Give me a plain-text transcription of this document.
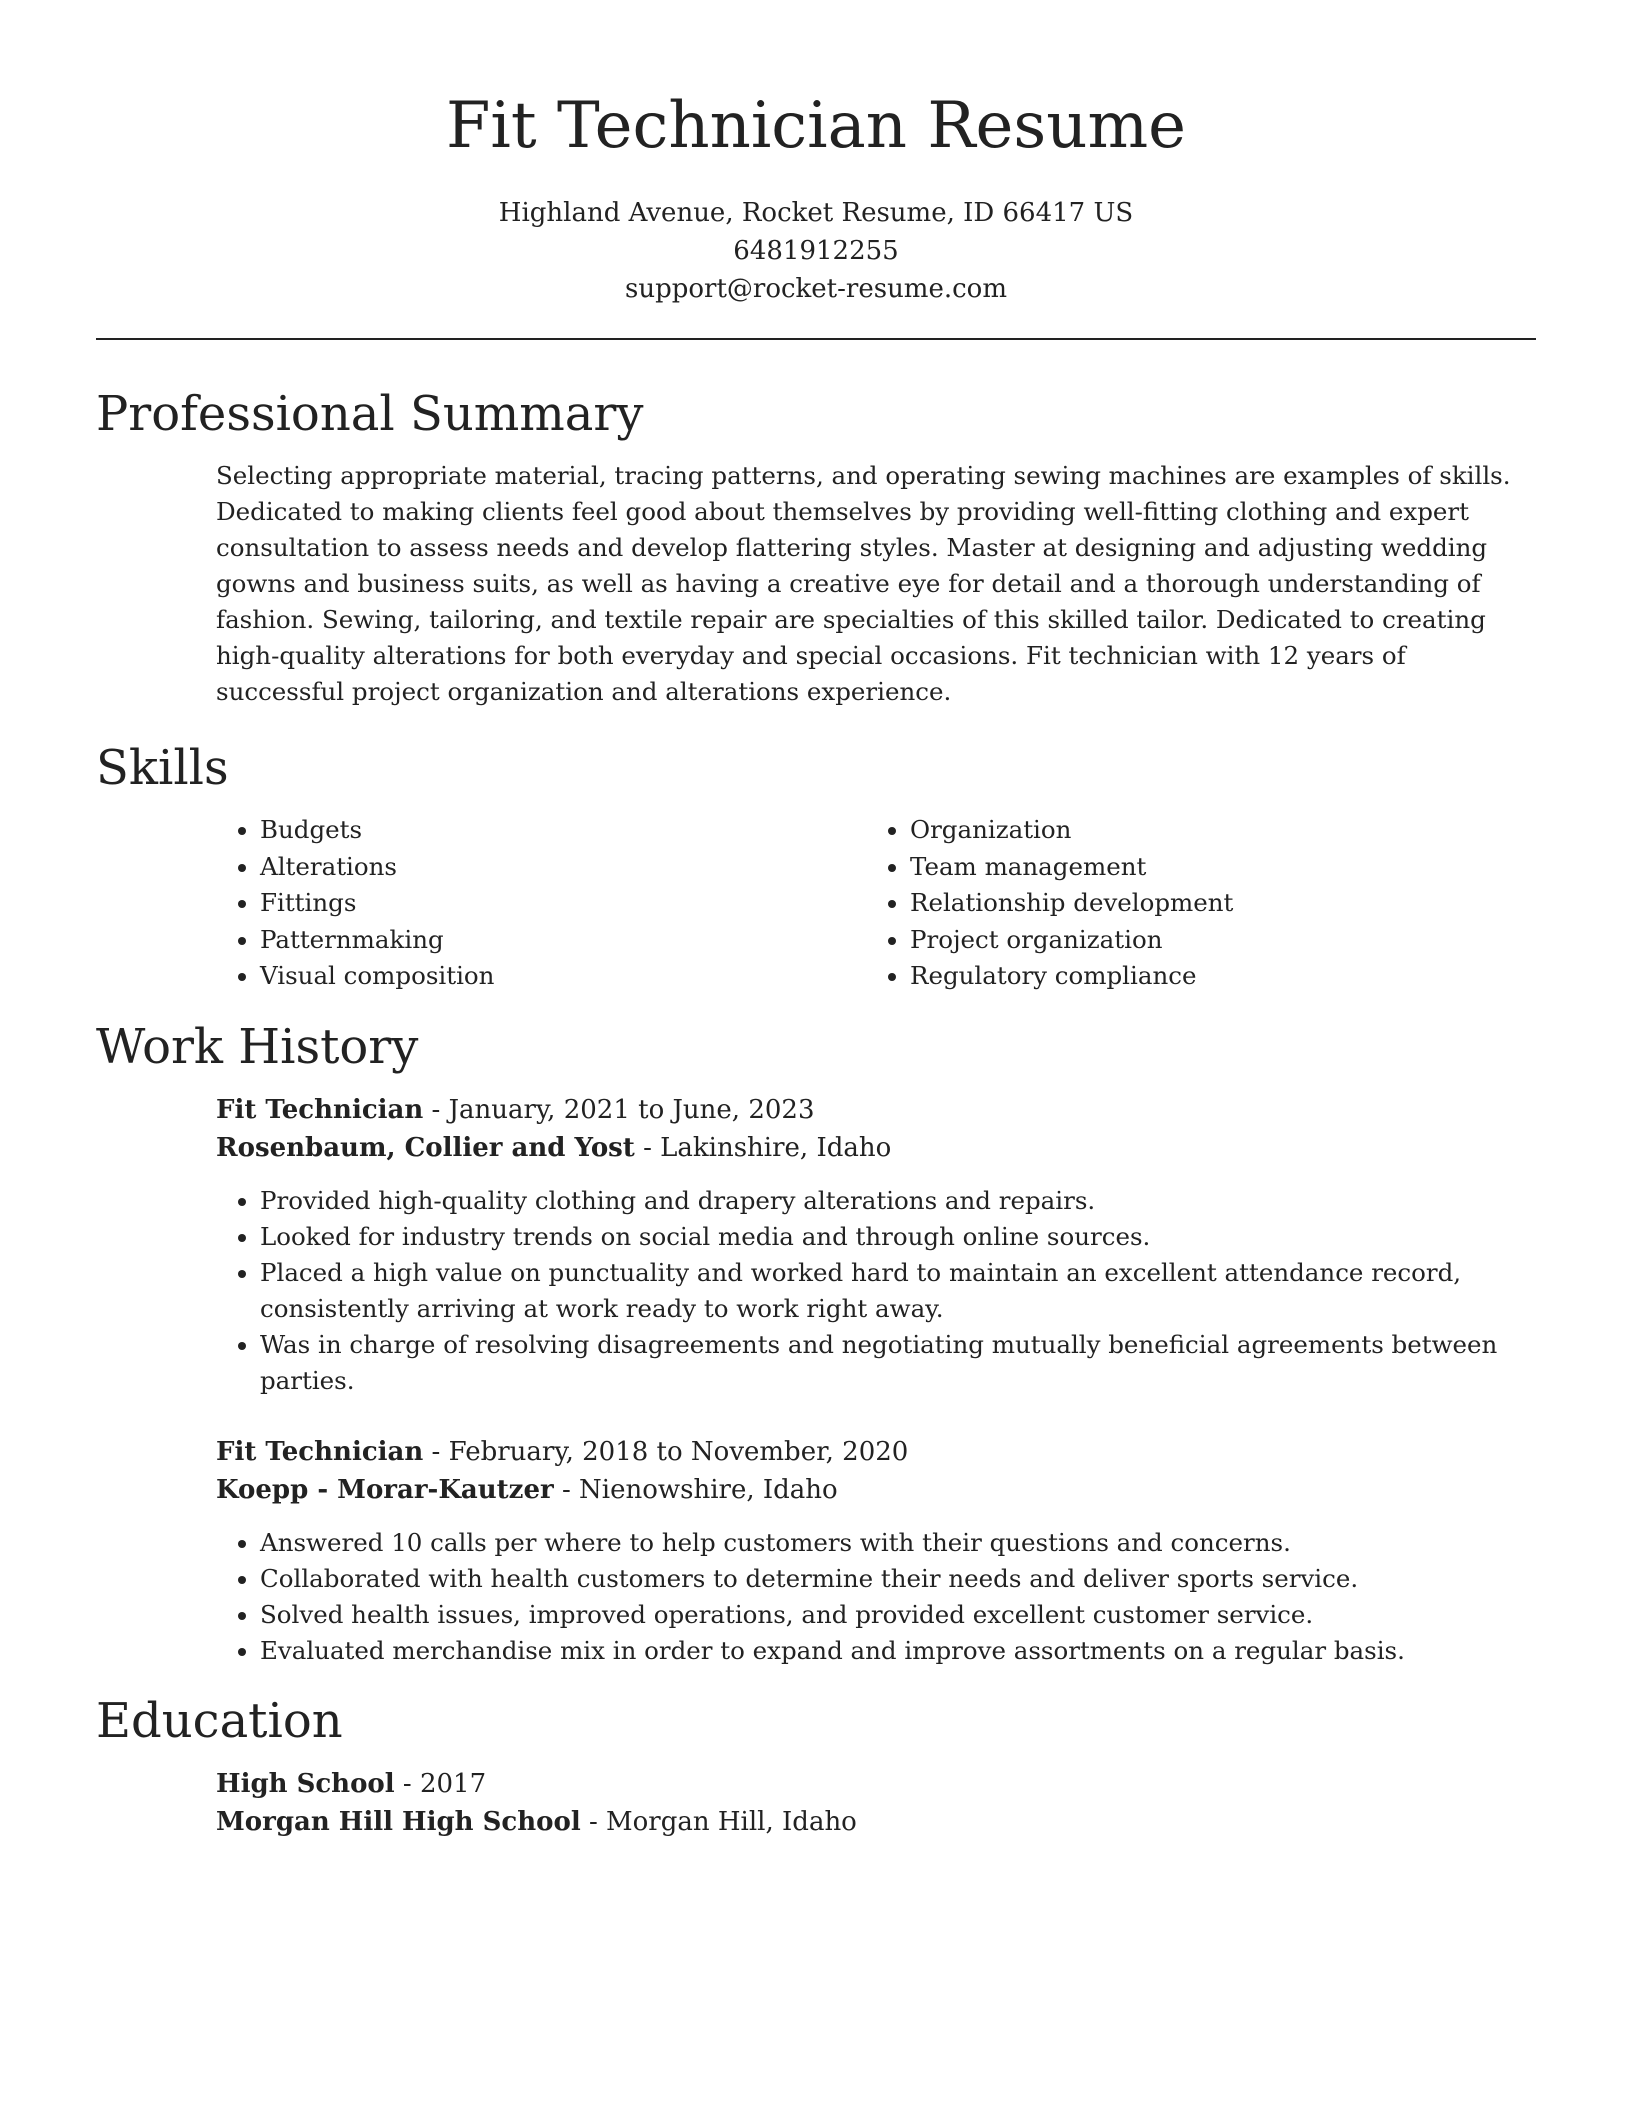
Fit Technician Resume
Highland Avenue, Rocket Resume, ID 66417 US
6481912255
support@rocket-resume.com
Professional Summary
Selecting appropriate material, tracing patterns, and operating sewing machines are examples of skills. Dedicated to making clients feel good about themselves by providing well-fitting clothing and expert consultation to assess needs and develop flattering styles. Master at designing and adjusting wedding gowns and business suits, as well as having a creative eye for detail and a thorough understanding of fashion. Sewing, tailoring, and textile repair are specialties of this skilled tailor. Dedicated to creating high-quality alterations for both everyday and special occasions. Fit technician with 12 years of successful project organization and alterations experience.
Skills
• Budgets
• Alterations
• Fittings
• Patternmaking
• Visual composition
• Organization
• Team management
• Relationship development
• Project organization
• Regulatory compliance
Work History
Fit Technician - January, 2021 to June, 2023
Rosenbaum, Collier and Yost - Lakinshire, Idaho
• Provided high-quality clothing and drapery alterations and repairs.
• Looked for industry trends on social media and through online sources.
• Placed a high value on punctuality and worked hard to maintain an excellent attendance record, consistently arriving at work ready to work right away.
• Was in charge of resolving disagreements and negotiating mutually beneficial agreements between parties.
Fit Technician - February, 2018 to November, 2020
Koepp - Morar-Kautzer - Nienowshire, Idaho
• Answered 10 calls per where to help customers with their questions and concerns.
• Collaborated with health customers to determine their needs and deliver sports service.
• Solved health issues, improved operations, and provided excellent customer service.
• Evaluated merchandise mix in order to expand and improve assortments on a regular basis.
Education
High School - 2017
Morgan Hill High School - Morgan Hill, Idaho
